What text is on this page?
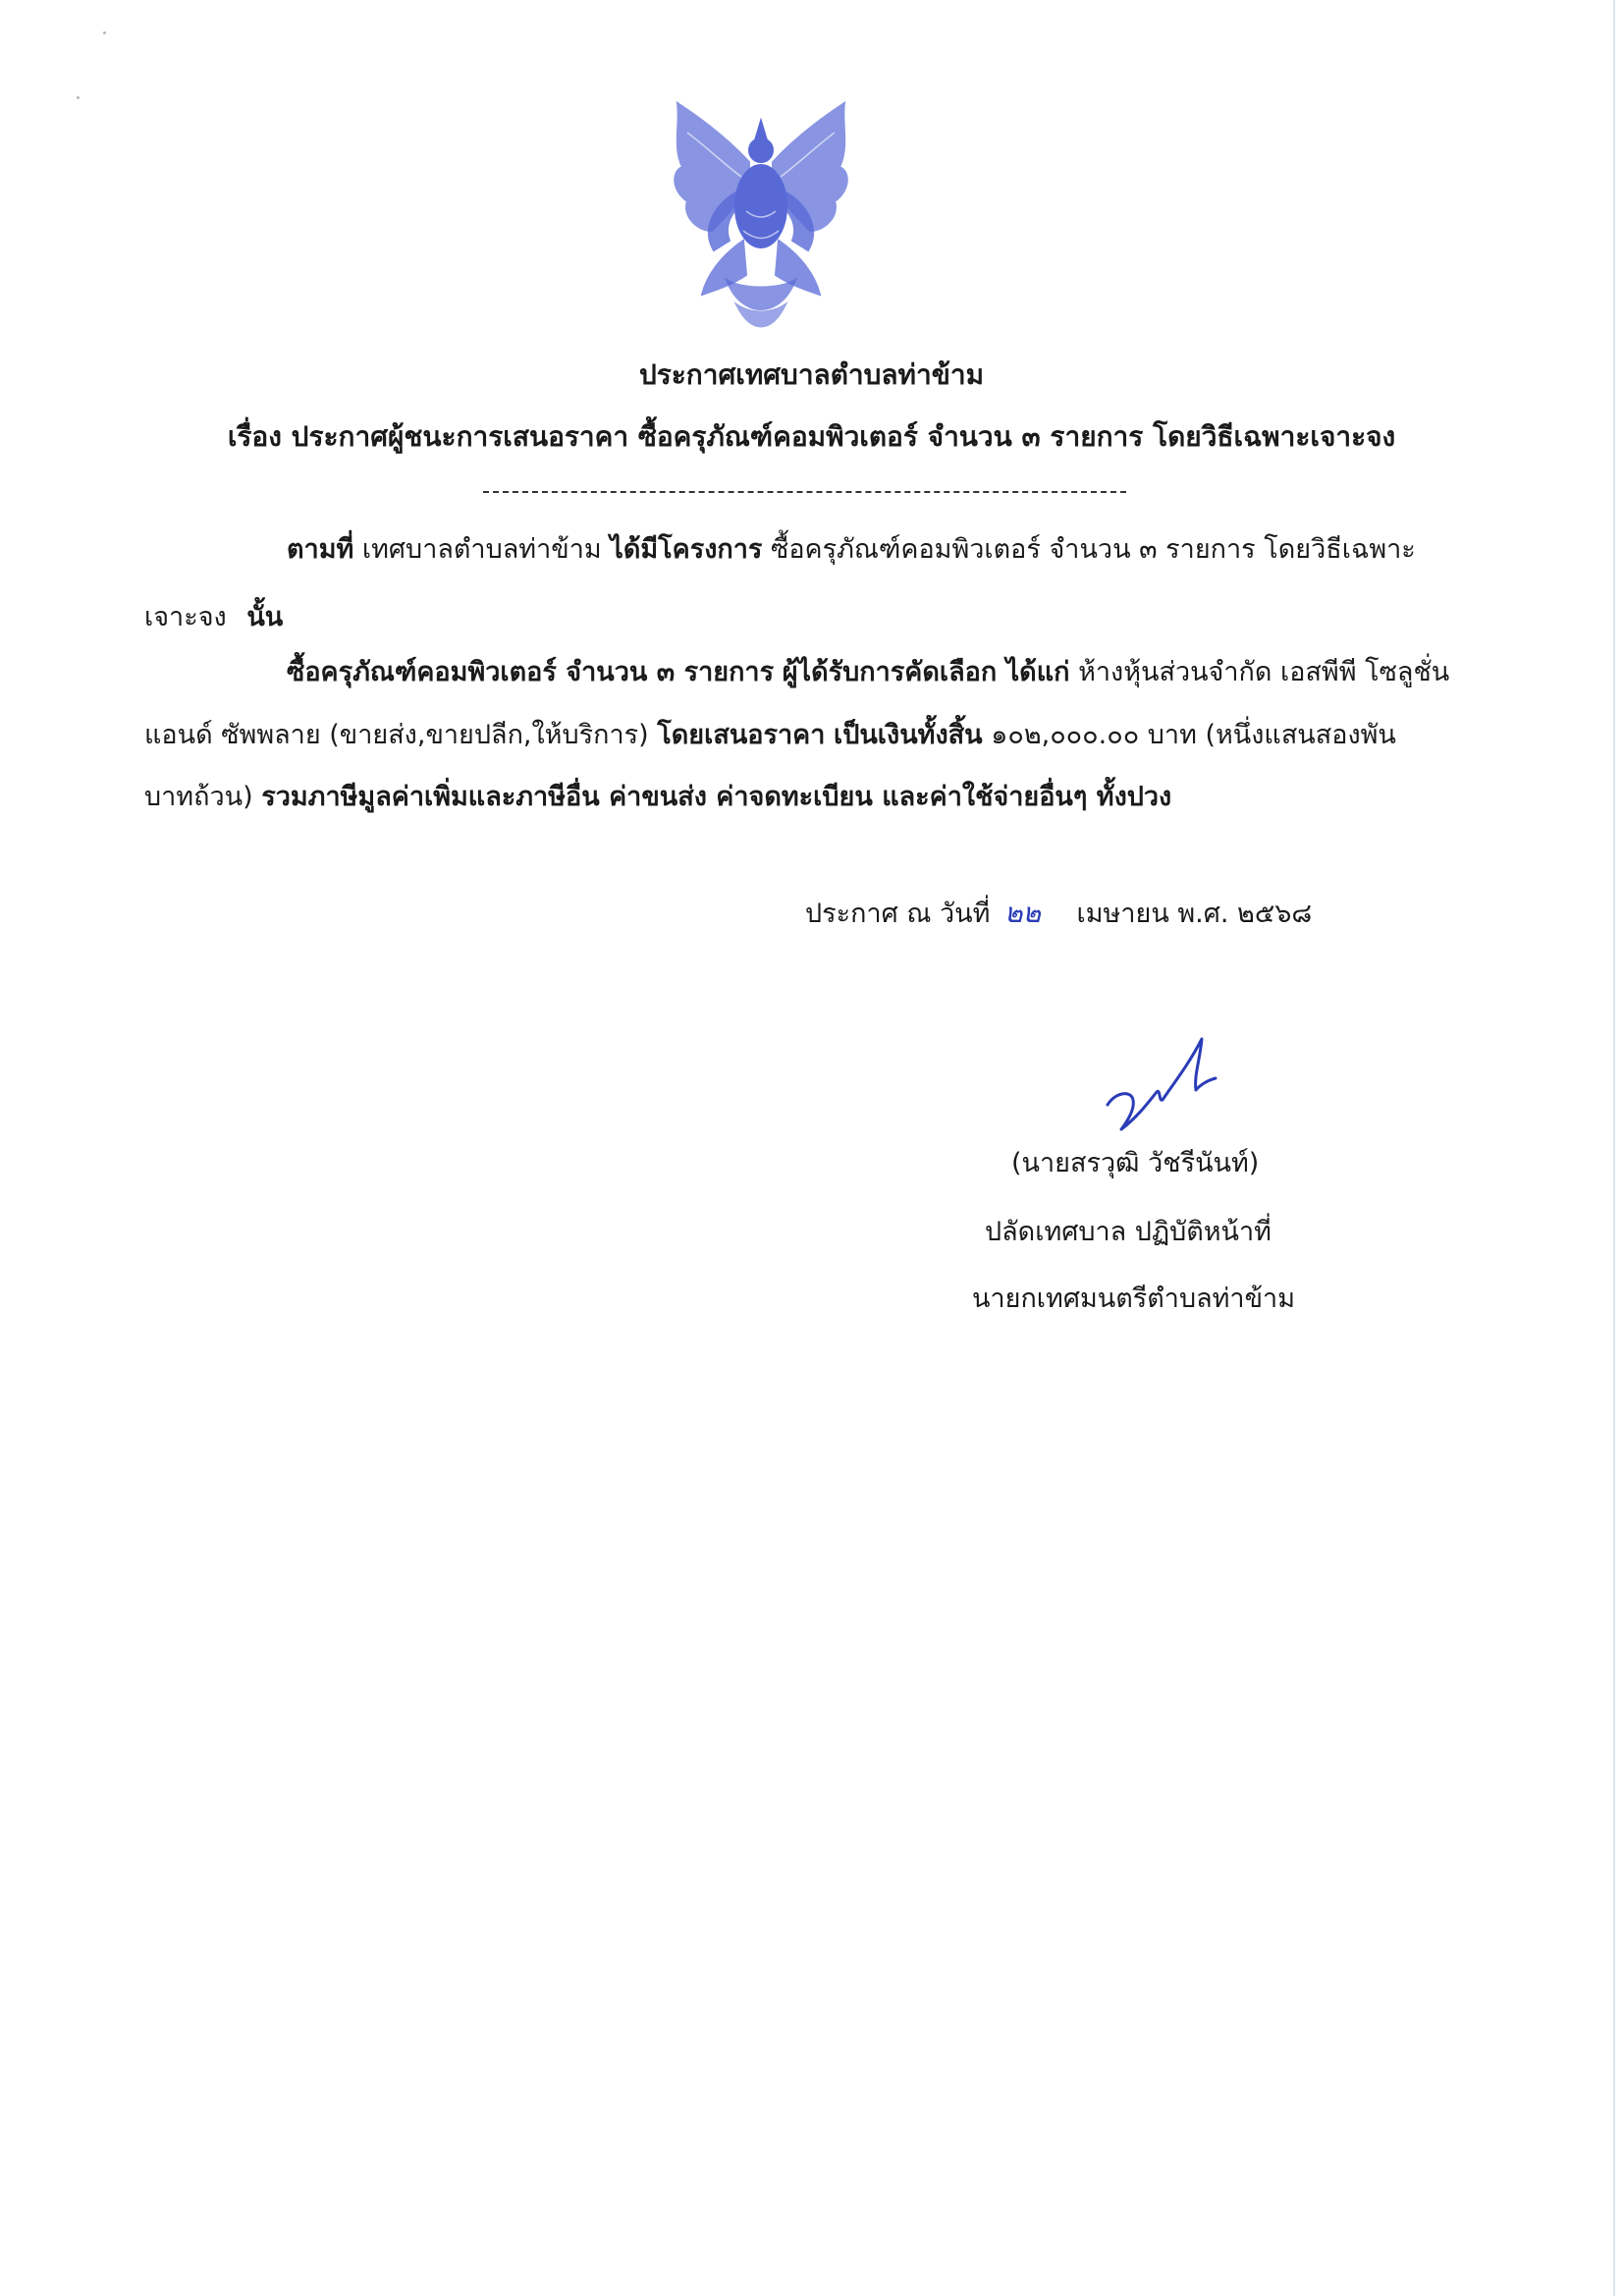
ประกาศเทศบาลตำบลท่าข้าม
เรื่อง ประกาศผู้ชนะการเสนอราคา ซื้อครุภัณฑ์คอมพิวเตอร์ จำนวน ๓ รายการ โดยวิธีเฉพาะเจาะจง
ตามที่ เทศบาลตำบลท่าข้าม ได้มีโครงการ ซื้อครุภัณฑ์คอมพิวเตอร์ จำนวน ๓ รายการ โดยวิธีเฉพาะ
เจาะจง นั้น
ซื้อครุภัณฑ์คอมพิวเตอร์ จำนวน ๓ รายการ ผู้ได้รับการคัดเลือก ได้แก่ ห้างหุ้นส่วนจำกัด เอสพีพี โซลูชั่น
แอนด์ ซัพพลาย (ขายส่ง,ขายปลีก,ให้บริการ) โดยเสนอราคา เป็นเงินทั้งสิ้น ๑๐๒,๐๐๐.๐๐ บาท (หนึ่งแสนสองพัน
บาทถ้วน) รวมภาษีมูลค่าเพิ่มและภาษีอื่น ค่าขนส่ง ค่าจดทะเบียน และค่าใช้จ่ายอื่นๆ ทั้งปวง
ประกาศ ณ วันที่ ๒๒ เมษายน พ.ศ. ๒๕๖๘
(นายสรวุฒิ วัชรีนันท์)
ปลัดเทศบาล ปฏิบัติหน้าที่
นายกเทศมนตรีตำบลท่าข้าม
